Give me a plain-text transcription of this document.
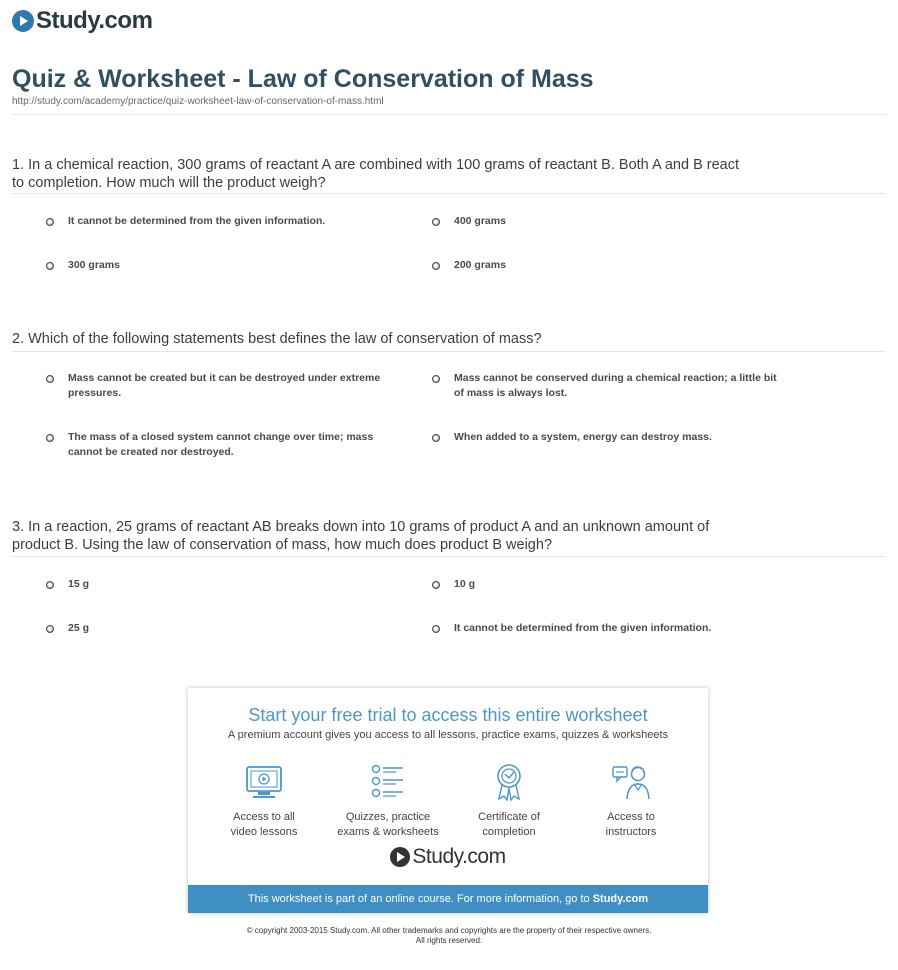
Study.com
Quiz & Worksheet - Law of Conservation of Mass
http://study.com/academy/practice/quiz-worksheet-law-of-conservation-of-mass.html
1. In a chemical reaction, 300 grams of reactant A are combined with 100 grams of reactant B. Both A and B react to completion. How much will the product weigh?
It cannot be determined from the given information.	400 grams
300 grams	200 grams
2. Which of the following statements best defines the law of conservation of mass?
Mass cannot be created but it can be destroyed under extreme pressures.
Mass cannot be conserved during a chemical reaction; a little bit of mass is always lost.
The mass of a closed system cannot change over time; mass cannot be created nor destroyed.
When added to a system, energy can destroy mass.
3. In a reaction, 25 grams of reactant AB breaks down into 10 grams of product A and an unknown amount of product B. Using the law of conservation of mass, how much does product B weigh?
15 g	10 g
25 g	It cannot be determined from the given information.
Start your free trial to access this entire worksheet
A premium account gives you access to all lessons, practice exams, quizzes & worksheets
Access to all
video lessons
Quizzes, practice
exams & worksheets
Certificate of
completion
Access to
instructors
Study.com
This worksheet is part of an online course. For more information, go to Study.com
© copyright 2003-2015 Study.com. All other trademarks and copyrights are the property of their respective owners.
All rights reserved.
